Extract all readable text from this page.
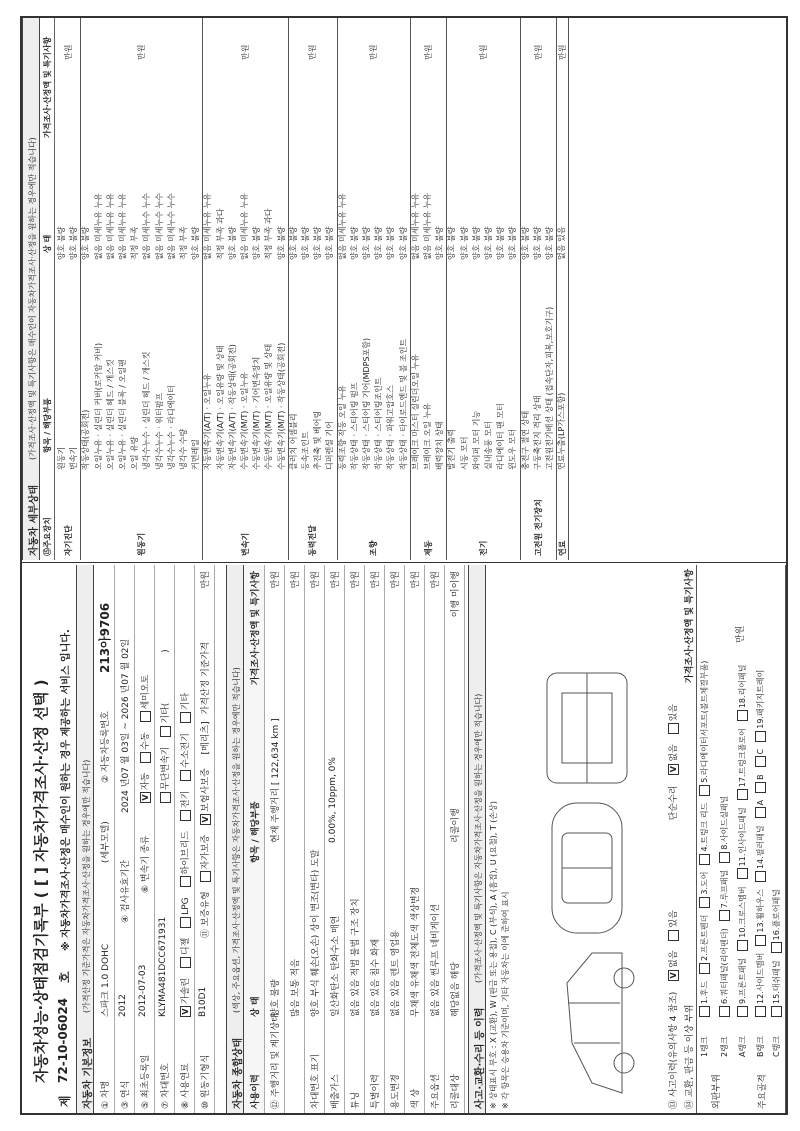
자동차성능·상태점검기록부 ( [ ] 자동차가격조사·산정 선택 )
제
72-10-06024
호
※ 자동차가격조사·산정은 매수인이 원하는 경우 제공하는 서비스 입니다.
자동차 기본정보
(가격산정 기준가격은 자동차가격조사·산정을 원하는 경우에만 적습니다)
① 차명
스파크 1.0 DOHC
(세부모델)
② 자동차등록번호
213아9706
③ 연식
2012
④ 검사유효기간
2024 년07 월 03일 ~ 2026 년07 월 02일
⑤ 최초등록일
2012-07-03
⑥ 변속기 종류
V자동 수동 세미오토
⑦ 차대번호
KLYMA481DCC671931
무단변속기 기타( )
⑧ 사용연료
V가솔린 디젤 LPG 하이브리드 전기 수소전기 기타
⑩ 원동기형식
B10D1
⑪ 보증유형 자가보증 V보험사보증 [메리츠] 가격산정 기준가격
만원
자동차 종합상태
(색상, 주요옵션, 가격조사·산정액 및 특기사항은 자동차가격조사·산정을 원하는 경우에만 적습니다)
사용이력
상 태
항목 / 해당부품
가격조사·산정액 및 특기사항
⑫ 주행거리 및 계기상태
양호 불량
현재 주행거리 [ 122,634 km ]
만원
많음 보통 적음
만원
차대번호 표기
양호 부식 훼손(오손) 상이 변조(변타) 도말
만원
배출가스
일산화탄소 탄화수소 매연
0.00%, 10ppm, 0%
만원
튜닝
없음 있음 적법 불법 구조 장치
만원
특별이력
없음 있음 침수 화재
만원
용도변경
없음 있음 렌트 영업용
만원
색 상
무채색 유채색 전체도색 색상변경
만원
주요옵션
없음 있음 썬루프 네비게이션
만원
리콜대상
해당없음 해당
리콜이행
이행 미이행
사고·교환·수리 등 이력
(가격조사·산정액 및 특기사항은 자동차가격조사·산정을 원하는 경우에만 적습니다) ※ 상태표시 부호 : X (교환), W (판금 또는 용접), C (부식), A (흠집), U (요철), T (손상) ※ 각 항목은 승용차 기준이며, 기타 자동차는 이에 준하여 표시	⑬ 사고이력(유의사항 4 참조) V없음 있음 단순수리 V없음 있음
⑭ 교환, 판금 등 이상 부위
가격조사·산정액 및 특기사항
외판부위	주요골격
1랭크
1.후드2.프론트펜더3.도어4.트렁크 리드5.라디에이터서포트(볼트체결부품)
2랭크
6.쿼터패널(리어펜더)7.루프패널8.사이드실패널
A랭크
9.프론트패널10.크로스멤버11.인사이드패널17.트렁크플로어18.리어패널
B랭크
12.사이드멤버13.휠하우스14.필러패널ABC19.패키지트레이
C랭크
15.대쉬패널16.플로어패널
만원
자동차 세부상태
(가격조사·산정액 및 특기사항은 매수인이 자동차가격조사·산정을 원하는 경우에만 적습니다)
⑮주요장치
항목 / 해당부품
상 태
가격조사·산정액 및 특기사항
자기진단
만원
원동기
양호 불량
변속기
양호 불량
원동기
만원
작동상태(공회전)
양호 불량
오일누유 · 실린더 커버(로커암 커버)
없음 미세누유 누유
오일누유 · 실린더 헤드 / 개스킷
없음 미세누유 누유
오일누유 · 실린더 블록 / 오일팬
없음 미세누유 누유
오일 유량
적정 부족
냉각수누수 · 실린더 헤드 / 개스킷
없음 미세누수 누수
냉각수누수 · 워터펌프
없음 미세누수 누수
냉각수누수 · 라디에이터
없음 미세누수 누수
냉각수 수량
적정 부족
커먼레일
양호 불량
변속기
만원
자동변속기(A/T) · 오일누유
없음 미세누유 누유
자동변속기(A/T) · 오일유량 및 상태
적정 부족 과다
자동변속기(A/T) · 작동상태(공회전)
양호 불량
수동변속기(M/T) · 오일누유
없음 미세누유 누유
수동변속기(M/T) · 기어변속장치
양호 불량
수동변속기(M/T) · 오일유량 및 상태
적정 부족 과다
수동변속기(M/T) · 작동상태(공회전)
양호 불량
동력전달
만원
클러치 어셈블리
양호 불량
등속조인트
양호 불량
추진축 및 베어링
양호 불량
디퍼렌셜 기어
양호 불량
조향
만원
동력조향 작동 오일 누유
없음 미세누유 누유
작동상태 · 스티어링 펌프
양호 불량
작동상태 · 스티어링 기어(MDPS포함)
양호 불량
작동상태 · 스티어링조인트
양호 불량
작동상태 · 파워고압호스
양호 불량
작동상태 · 타이로드엔드 및 볼 조인트
양호 불량
제동
만원
브레이크 마스터 실린더오일 누유
없음 미세누유 누유
브레이크 오일 누유
없음 미세누유 누유
배력장치 상태
양호 불량
전기
만원
발전기 출력
양호 불량
시동 모터
양호 불량
와이퍼 모터 기능
양호 불량
실내송풍 모터
양호 불량
라디에이터 팬 모터
양호 불량
윈도우 모터
양호 불량
고전원 전기장치
만원
충전구 절연 상태
양호 불량
구동축전지 격리 상태
양호 불량
고전원전기배선 상태 (접속단자,피복,보호기구)
양호 불량
연료
만원
연료누출(LP가스포함)
없음 있음
